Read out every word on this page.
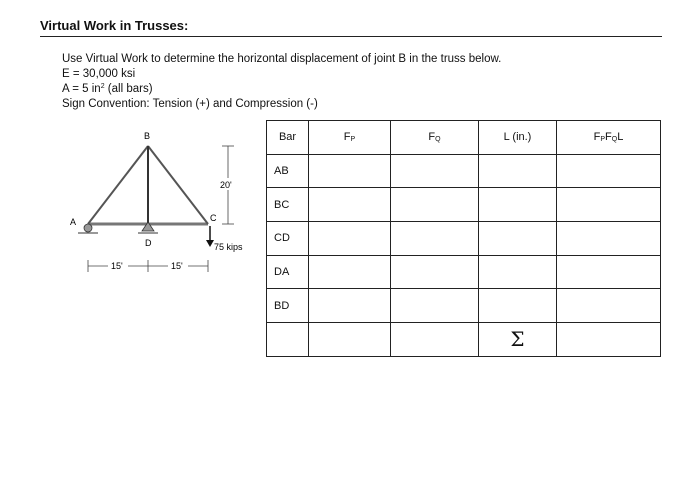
Virtual Work in Trusses:
Use Virtual Work to determine the horizontal displacement of joint B in the truss below.
E = 30,000 ksi
A = 5 $in^2$ (all bars)
Sign Convention: Tension (+) and Compression (-)
B
A	C
D
20'
75 kips
15'	15'
Bar	FP	FQ	L (in.)	FPFQL
AB				
BC				
CD				
DA				
BD				
			Σ	
